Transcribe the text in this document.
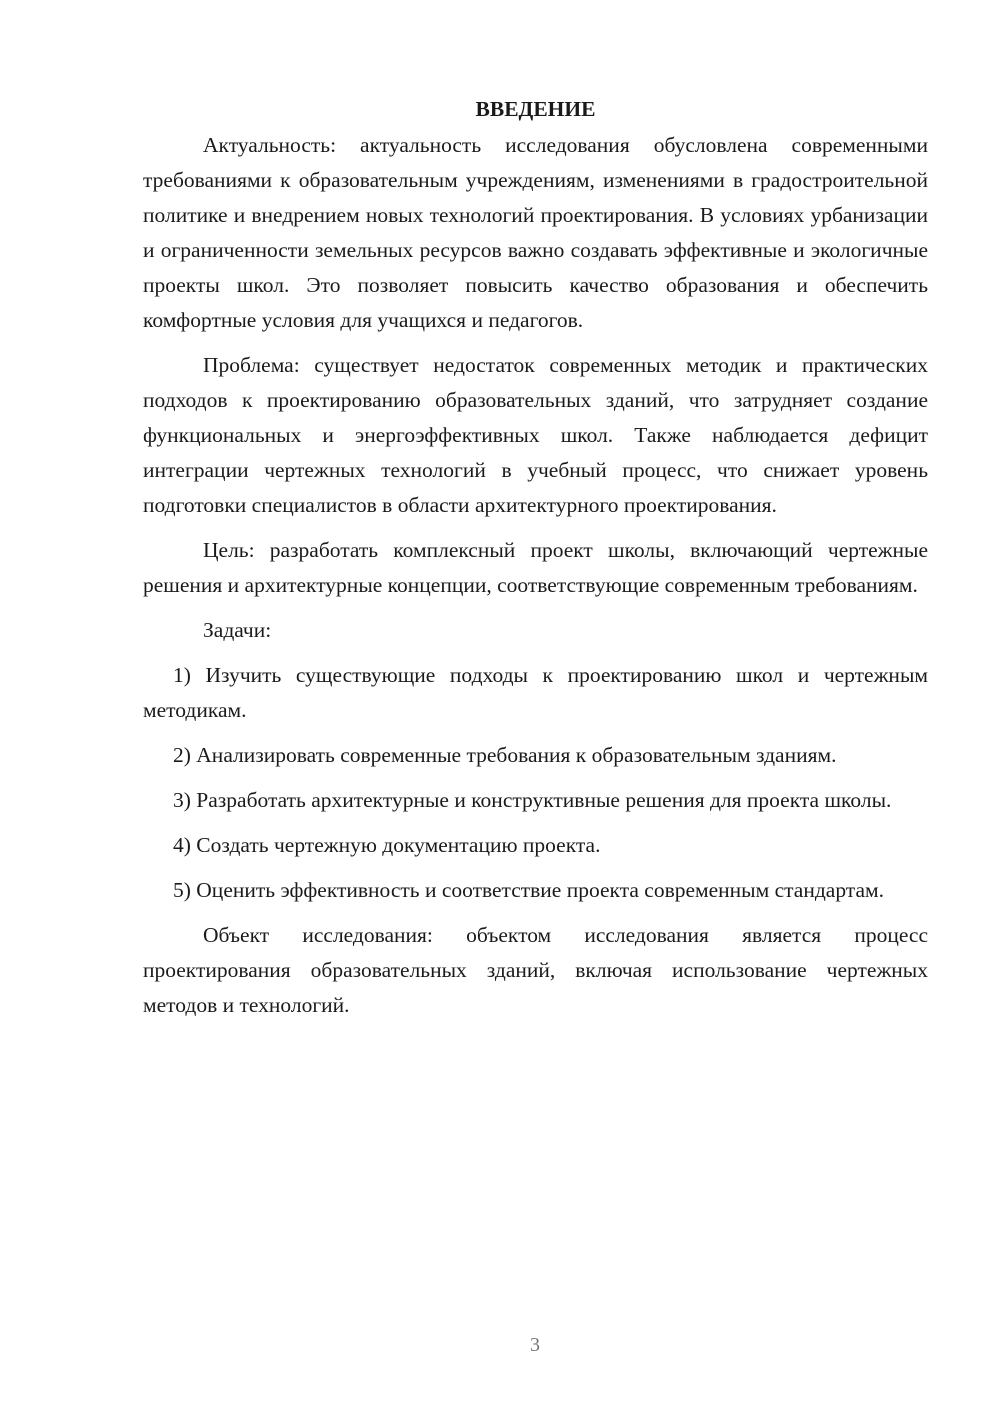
ВВЕДЕНИЕ

Актуальность: актуальность исследования обусловлена современными требованиями к образовательным учреждениям, изменениями в градостроительной политике и внедрением новых технологий проектирования. В условиях урбанизации и ограниченности земельных ресурсов важно создавать эффективные и экологичные проекты школ. Это позволяет повысить качество образования и обеспечить комфортные условия для учащихся и педагогов.

Проблема: существует недостаток современных методик и практических подходов к проектированию образовательных зданий, что затрудняет создание функциональных и энергоэффективных школ. Также наблюдается дефицит интеграции чертежных технологий в учебный процесс, что снижает уровень подготовки специалистов в области архитектурного проектирования.

Цель: разработать комплексный проект школы, включающий чертежные решения и архитектурные концепции, соответствующие современным требованиям.

Задачи:

1) Изучить существующие подходы к проектированию школ и чертежным методикам.

2) Анализировать современные требования к образовательным зданиям.

3) Разработать архитектурные и конструктивные решения для проекта школы.

4) Создать чертежную документацию проекта.

5) Оценить эффективность и соответствие проекта современным стандартам.

Объект исследования: объектом исследования является процесс проектирования образовательных зданий, включая использование чертежных методов и технологий.

3
